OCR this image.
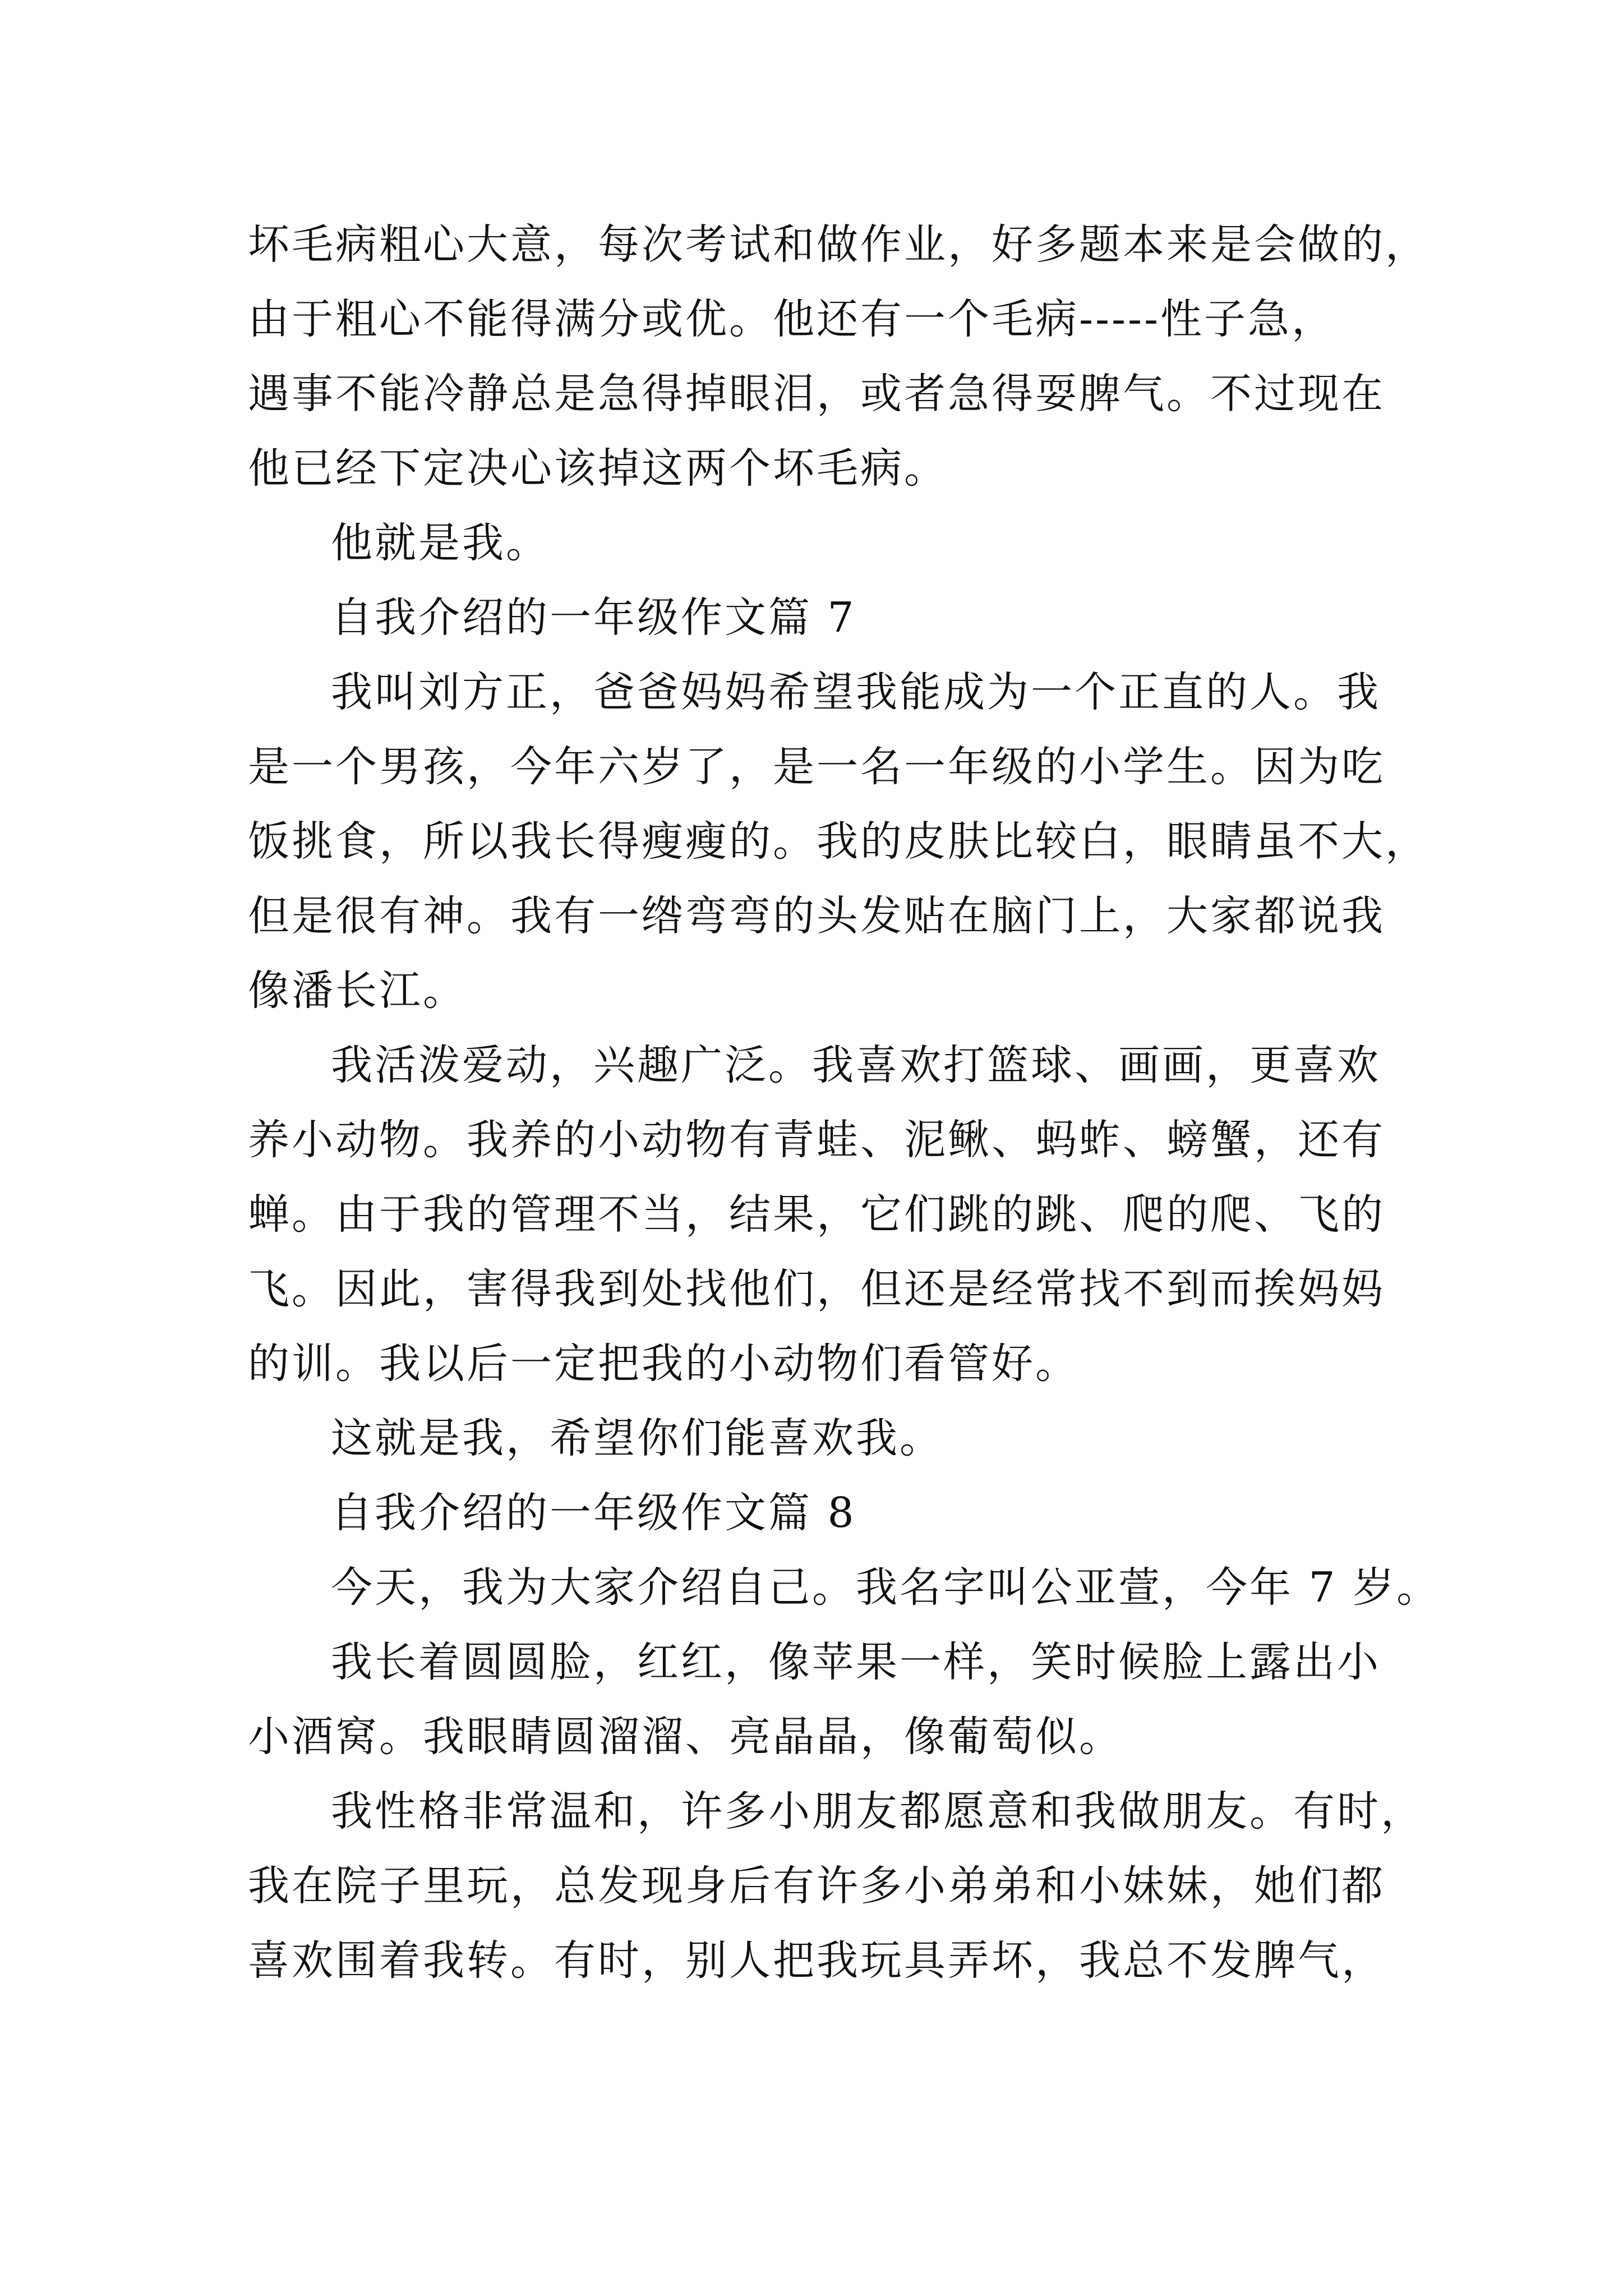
坏毛病粗心大意，每次考试和做作业，好多题本来是会做的，
由于粗心不能得满分或优。他还有一个毛病-----性子急，
遇事不能冷静总是急得掉眼泪，或者急得耍脾气。不过现在
他已经下定决心该掉这两个坏毛病。
他就是我。
自我介绍的一年级作文篇 7
我叫刘方正，爸爸妈妈希望我能成为一个正直的人。我
是一个男孩，今年六岁了，是一名一年级的小学生。因为吃
饭挑食，所以我长得瘦瘦的。我的皮肤比较白，眼睛虽不大，
但是很有神。我有一绺弯弯的头发贴在脑门上，大家都说我
像潘长江。
我活泼爱动，兴趣广泛。我喜欢打篮球、画画，更喜欢
养小动物。我养的小动物有青蛙、泥鳅、蚂蚱、螃蟹，还有
蝉。由于我的管理不当，结果，它们跳的跳、爬的爬、飞的
飞。因此，害得我到处找他们，但还是经常找不到而挨妈妈
的训。我以后一定把我的小动物们看管好。
这就是我，希望你们能喜欢我。
自我介绍的一年级作文篇 8
今天，我为大家介绍自己。我名字叫公亚萱，今年 7 岁。
我长着圆圆脸，红红，像苹果一样，笑时候脸上露出小
小酒窝。我眼睛圆溜溜、亮晶晶，像葡萄似。
我性格非常温和，许多小朋友都愿意和我做朋友。有时，
我在院子里玩，总发现身后有许多小弟弟和小妹妹，她们都
喜欢围着我转。有时，别人把我玩具弄坏，我总不发脾气，
